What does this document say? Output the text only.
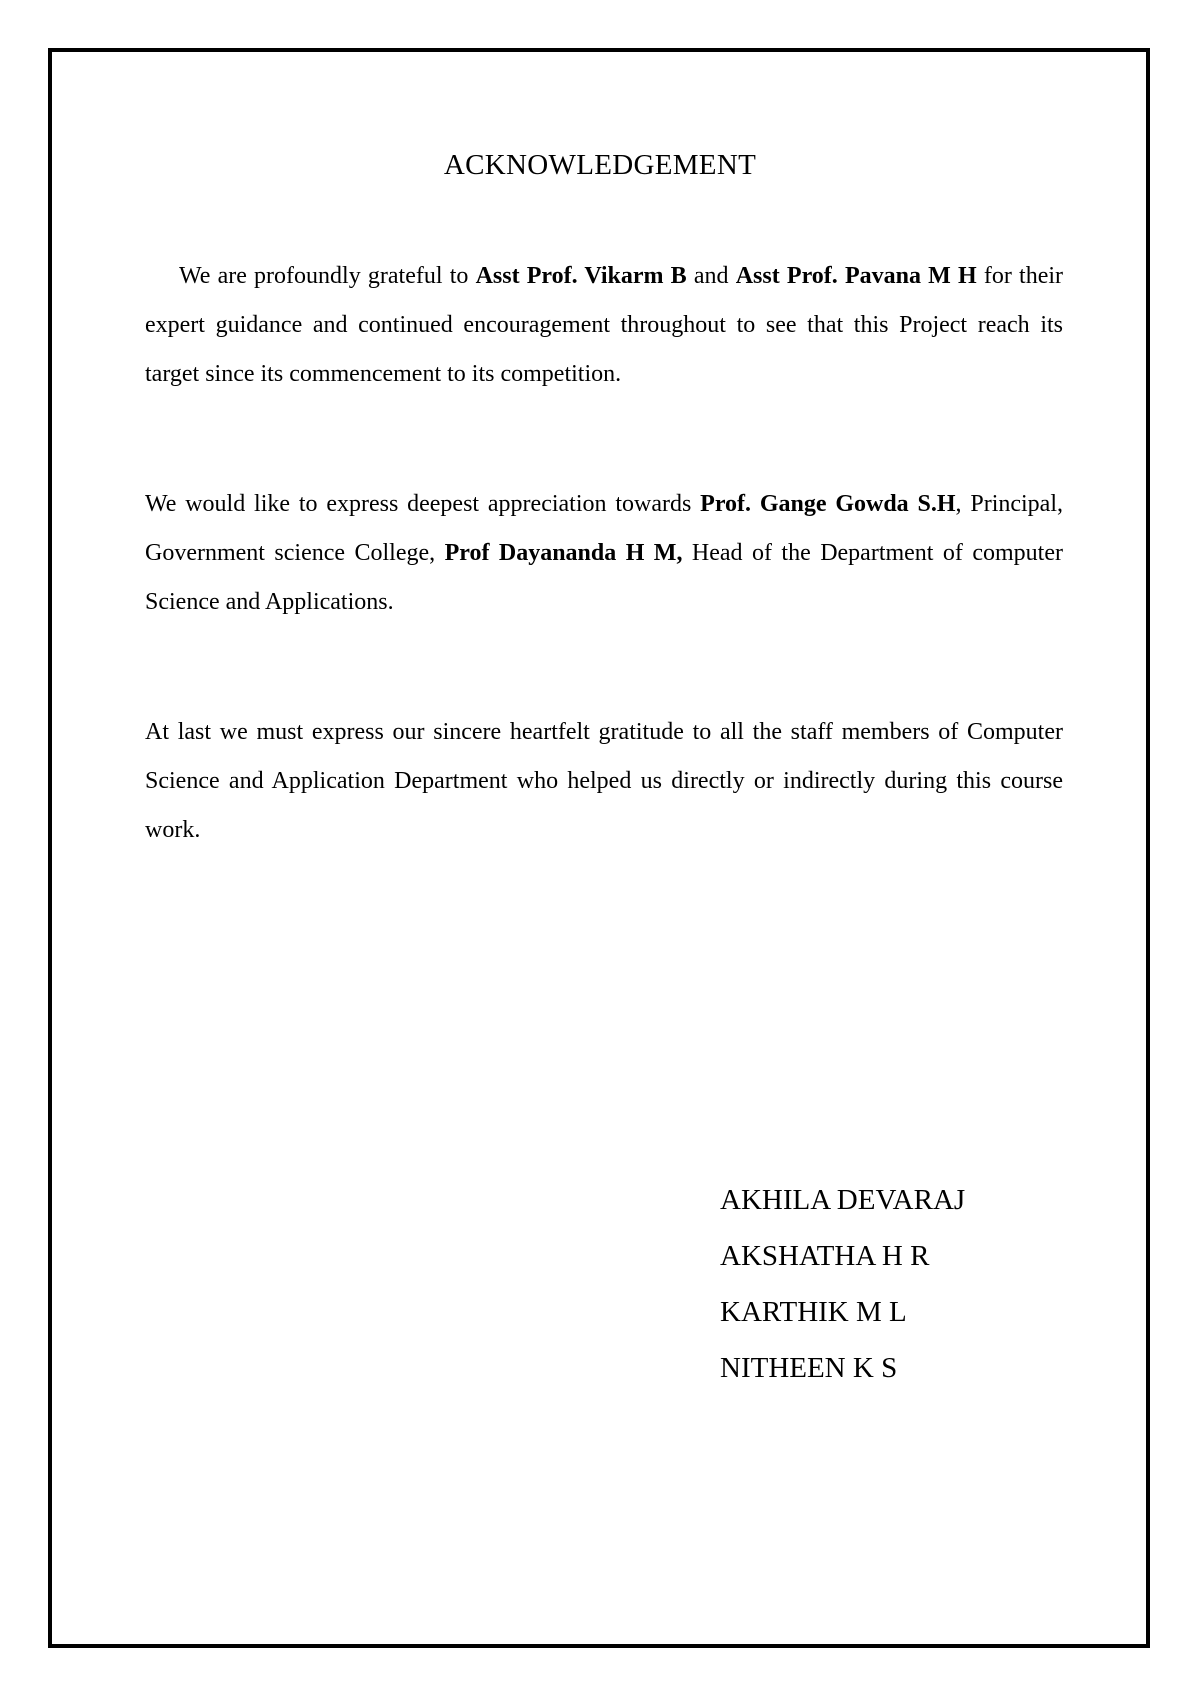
ACKNOWLEDGEMENT

We are profoundly grateful to Asst Prof. Vikarm B and Asst Prof. Pavana M H for their expert guidance and continued encouragement throughout to see that this Project reach its target since its commencement to its competition.

We would like to express deepest appreciation towards Prof. Gange Gowda S.H, Principal, Government science College, Prof Dayananda H M, Head of the Department of computer Science and Applications.

At last we must express our sincere heartfelt gratitude to all the staff members of Computer Science and Application Department who helped us directly or indirectly during this course work.

AKHILA DEVARAJ
AKSHATHA H R
KARTHIK M L
NITHEEN K S
